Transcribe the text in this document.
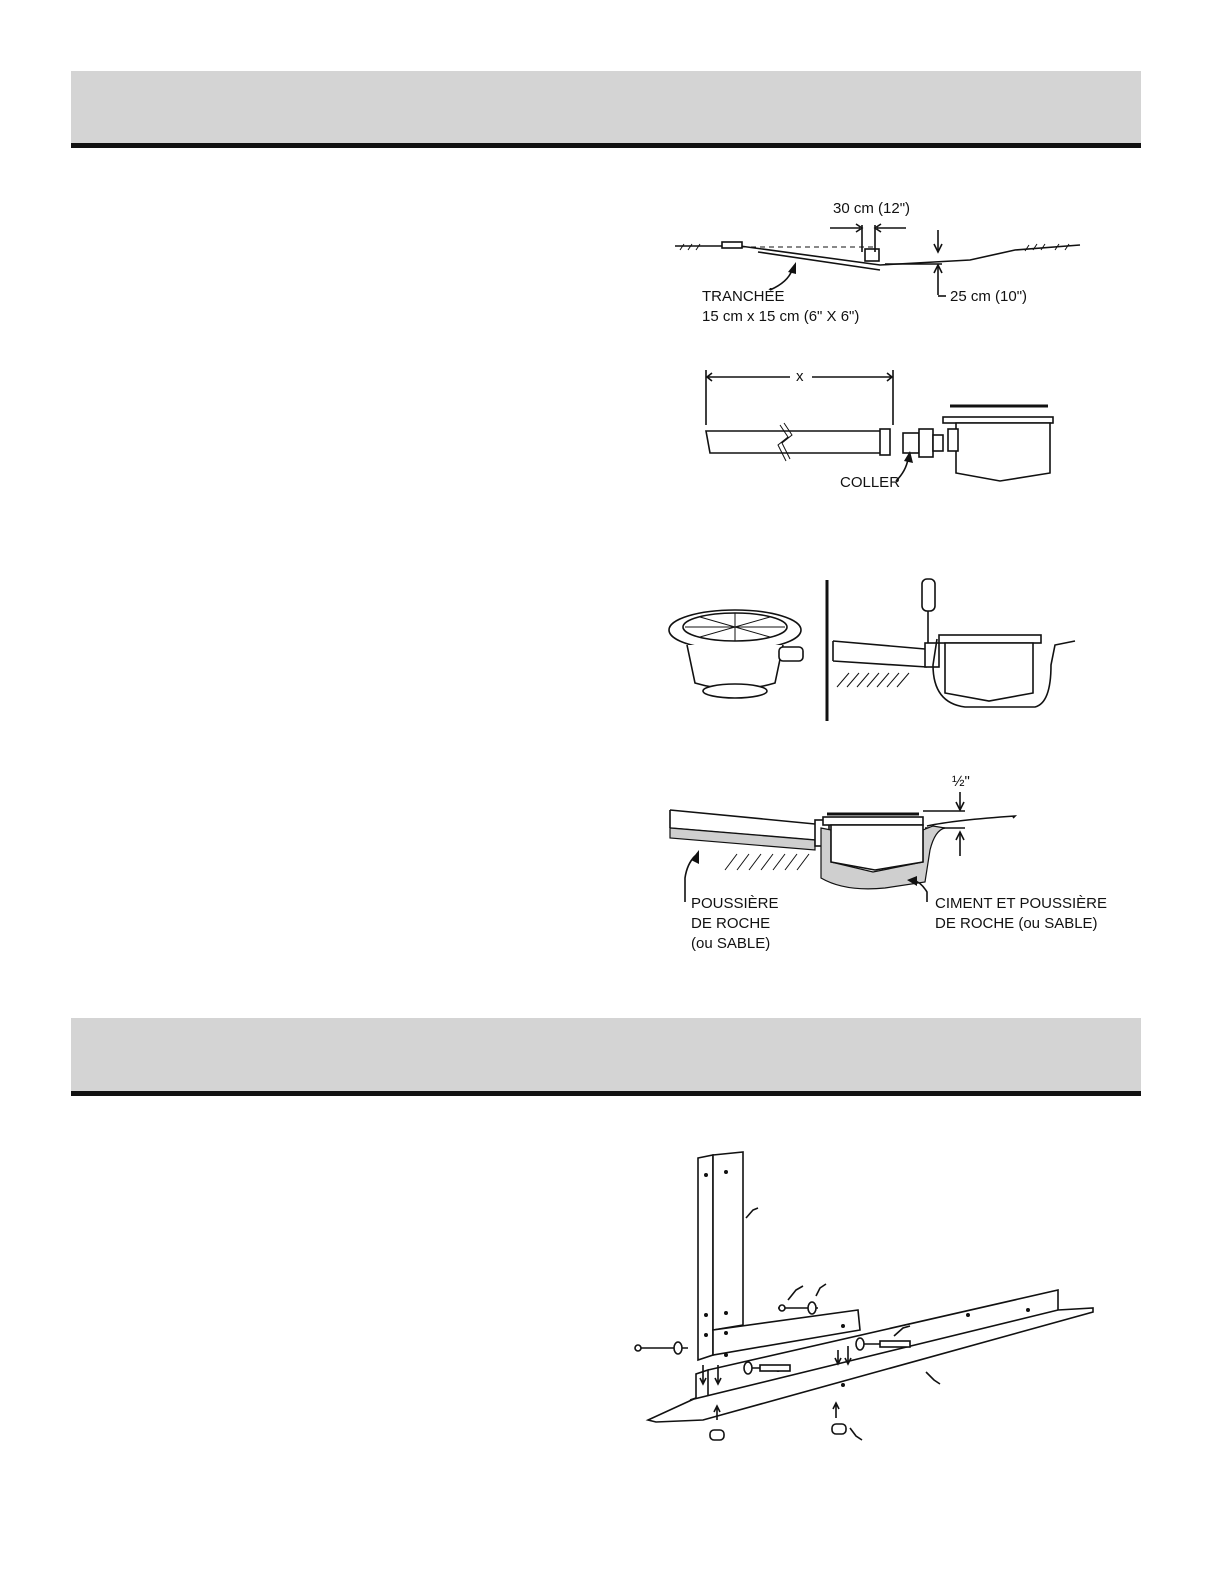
30 cm (12")
25 cm (10")
TRANCHÉE
15 cm x 15 cm (6" X 6")
x
COLLER
½"
POUSSIÈRE
DE ROCHE
(ou SABLE)
CIMENT ET POUSSIÈRE
DE ROCHE (ou SABLE)
